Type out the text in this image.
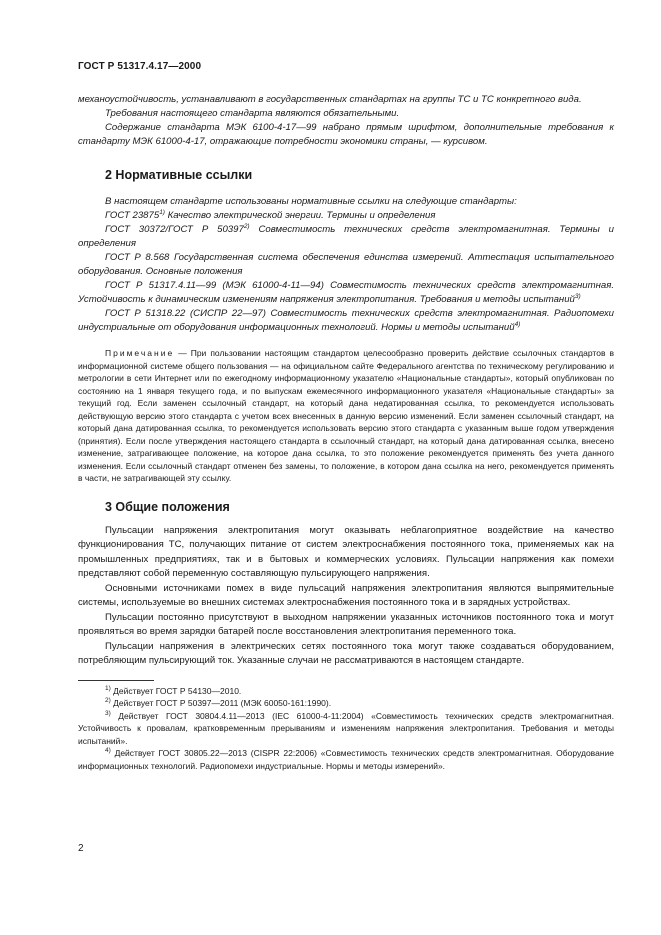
ГОСТ Р 51317.4.17—2000

механоустойчивость, устанавливают в государственных стандартах на группы ТС и ТС конкретного вида.

Требования настоящего стандарта являются обязательными.

Содержание стандарта МЭК 6100-4-17—99 набрано прямым шрифтом, дополнительные требования к стандарту МЭК 61000-4-17, отражающие потребности экономики страны, — курсивом.

2 Нормативные ссылки

В настоящем стандарте использованы нормативные ссылки на следующие стандарты:

ГОСТ 23875$^{1)}$ Качество электрической энергии. Термины и определения

ГОСТ 30372/ГОСТ Р 50397$^{2)}$ Совместимость технических средств электромагнитная. Термины и определения

ГОСТ Р 8.568 Государственная система обеспечения единства измерений. Аттестация испытательного оборудования. Основные положения

ГОСТ Р 51317.4.11—99 (МЭК 61000-4-11—94) Совместимость технических средств электромагнитная. Устойчивость к динамическим изменениям напряжения электропитания. Требования и методы испытаний$^{3)}$

ГОСТ Р 51318.22 (СИСПР 22—97) Совместимость технических средств электромагнитная. Радиопомехи индустриальные от оборудования информационных технологий. Нормы и методы испытаний$^{4)}$

Примечание — При пользовании настоящим стандартом целесообразно проверить действие ссылочных стандартов в информационной системе общего пользования — на официальном сайте Федерального агентства по техническому регулированию и метрологии в сети Интернет или по ежегодному информационному указателю «Национальные стандарты», который опубликован по состоянию на 1 января текущего года, и по выпускам ежемесячного информационного указателя «Национальные стандарты» за текущий год. Если заменен ссылочный стандарт, на который дана недатированная ссылка, то рекомендуется использовать действующую версию этого стандарта с учетом всех внесенных в данную версию изменений. Если заменен ссылочный стандарт, на который дана датированная ссылка, то рекомендуется использовать версию этого стандарта с указанным выше годом утверждения (принятия). Если после утверждения настоящего стандарта в ссылочный стандарт, на который дана датированная ссылка, внесено изменение, затрагивающее положение, на которое дана ссылка, то это положение рекомендуется применять без учета данного изменения. Если ссылочный стандарт отменен без замены, то положение, в котором дана ссылка на него, рекомендуется применять в части, не затрагивающей эту ссылку.

3 Общие положения

Пульсации напряжения электропитания могут оказывать неблагоприятное воздействие на качество функционирования ТС, получающих питание от систем электроснабжения постоянного тока, применяемых как на промышленных предприятиях, так и в бытовых и коммерческих условиях. Пульсации напряжения как помехи представляют собой переменную составляющую пульсирующего напряжения.

Основными источниками помех в виде пульсаций напряжения электропитания являются выпрямительные системы, используемые во внешних системах электроснабжения постоянного тока и в зарядных устройствах.

Пульсации постоянно присутствуют в выходном напряжении указанных источников постоянного тока и могут проявляться во время зарядки батарей после восстановления электропитания переменного тока.

Пульсации напряжения в электрических сетях постоянного тока могут также создаваться оборудованием, потребляющим пульсирующий ток. Указанные случаи не рассматриваются в настоящем стандарте.

$^{1)}$ Действует ГОСТ Р 54130—2010.

$^{2)}$ Действует ГОСТ Р 50397—2011 (МЭК 60050-161:1990).

$^{3)}$ Действует ГОСТ 30804.4.11—2013 (IEC 61000-4-11:2004) «Совместимость технических средств электромагнитная. Устойчивость к провалам, кратковременным прерываниям и изменениям напряжения электропитания. Требования и методы испытаний».

$^{4)}$ Действует ГОСТ 30805.22—2013 (CISPR 22:2006) «Совместимость технических средств электромагнитная. Оборудование информационных технологий. Радиопомехи индустриальные. Нормы и методы измерений».

2
